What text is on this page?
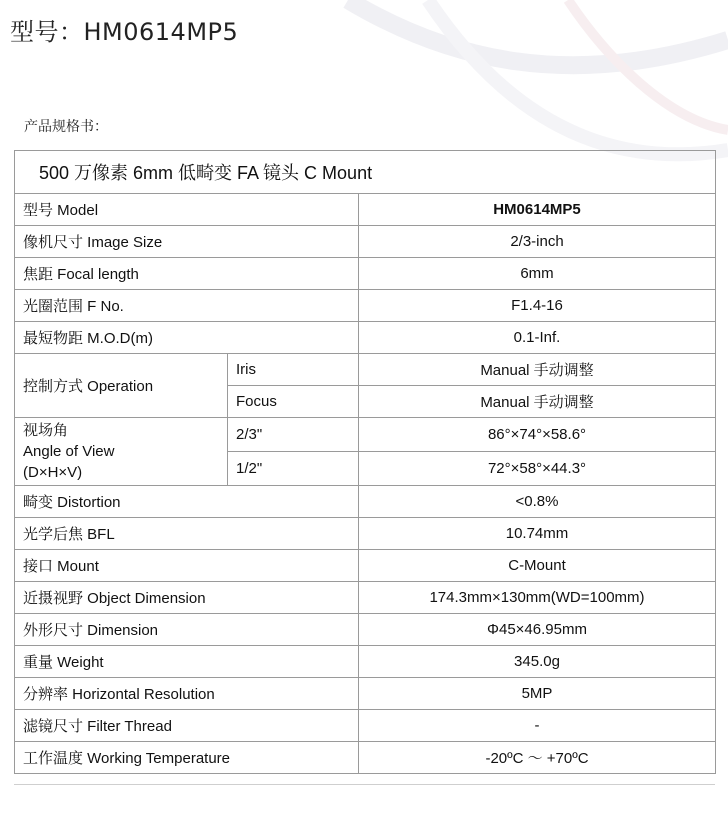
型号：HM0614MP5
产品规格书：
500 万像素 6mm 低畸变 FA 镜头 C Mount		
型号 Model		HM0614MP5
像机尺寸 Image Size		2/3-inch
焦距 Focal length		6mm
光圈范围 F No.		F1.4-16
最短物距 M.O.D(m)		0.1-Inf.
控制方式 Operation	Iris	Manual 手动调整
	Focus	Manual 手动调整

视场角
Angle of View
(D×H×V)	2/3"	86°×74°×58.6°
	1/2"	72°×58°×44.3°
畸变 Distortion		<0.8%
光学后焦 BFL		10.74mm
接口 Mount		C-Mount
近摄视野 Object Dimension		174.3mm×130mm(WD=100mm)
外形尺寸 Dimension		Φ45×46.95mm
重量 Weight		345.0g
分辨率 Horizontal Resolution		5MP
滤镜尺寸 Filter Thread		-
工作温度 Working Temperature		-20ºC ～ +70ºC
